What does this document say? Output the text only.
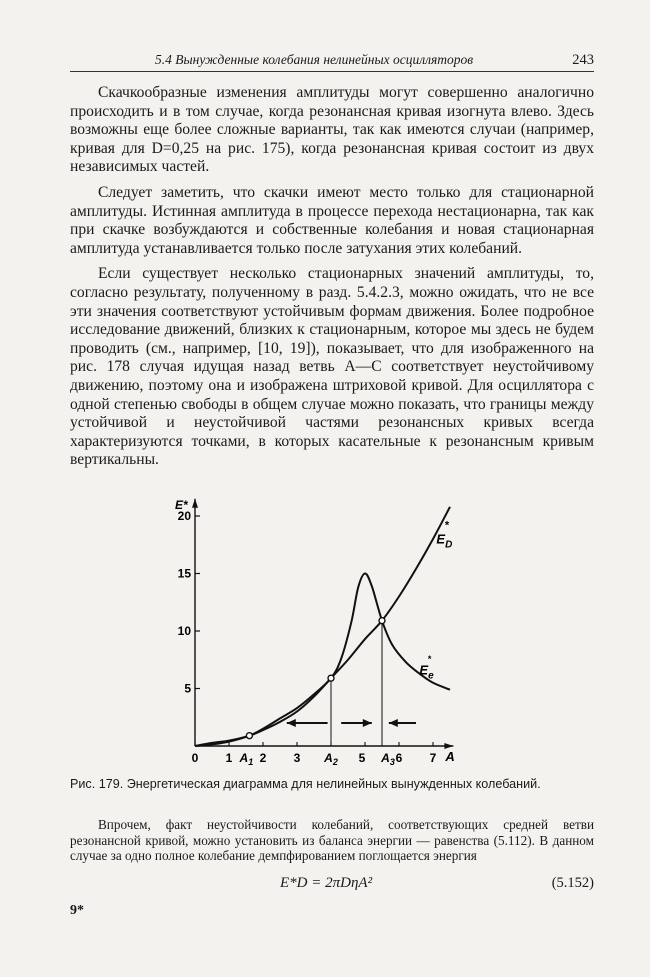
5.4 Вынужденные колебания нелинейных осцилляторов	243

Скачкообразные изменения амплитуды могут совершенно аналогично происходить и в том случае, когда резонансная кривая изогнута влево. Здесь возможны еще более сложные варианты, так как имеются случаи (например, кривая для D=0,25 на рис. 175), когда резонансная кривая состоит из двух независимых частей.

Следует заметить, что скачки имеют место только для стационарной амплитуды. Истинная амплитуда в процессе перехода нестационарна, так как при скачке возбуждаются и собственные колебания и новая стационарная амплитуда устанавливается только после затухания этих колебаний.

Если существует несколько стационарных значений амплитуды, то, согласно результату, полученному в разд. 5.4.2.3, можно ожидать, что не все эти значения соответствуют устойчивым формам движения. Более подробное исследование движений, близких к стационарным, которое мы здесь не будем проводить (см., например, [10, 19]), показывает, что для изображенного на рис. 178 случая идущая назад ветвь A—C соответствует неустойчивому движению, поэтому она и изображена штриховой кривой. Для осциллятора с одной степенью свободы в общем случае можно показать, что границы между устойчивой и неустойчивой частями резонансных кривых всегда характеризуются точками, в которых касательные к резонансным кривым вертикальны.

A
E*
5
10
15
20
0 1 2 3	5	6 7
$A_1$	$A_2$	$A_3$
$E_D$
*
$E_e$
*
Рис. 179. Энергетическая диаграмма для нелинейных вынужденных колебаний.

Впрочем, факт неустойчивости колебаний, соответствующих средней ветви резонансной кривой, можно установить из баланса энергии — равенства (5.112). В данном случае за одно полное колебание демпфированием поглощается энергия

E*D = 2πDηA²	(5.152)
9*
